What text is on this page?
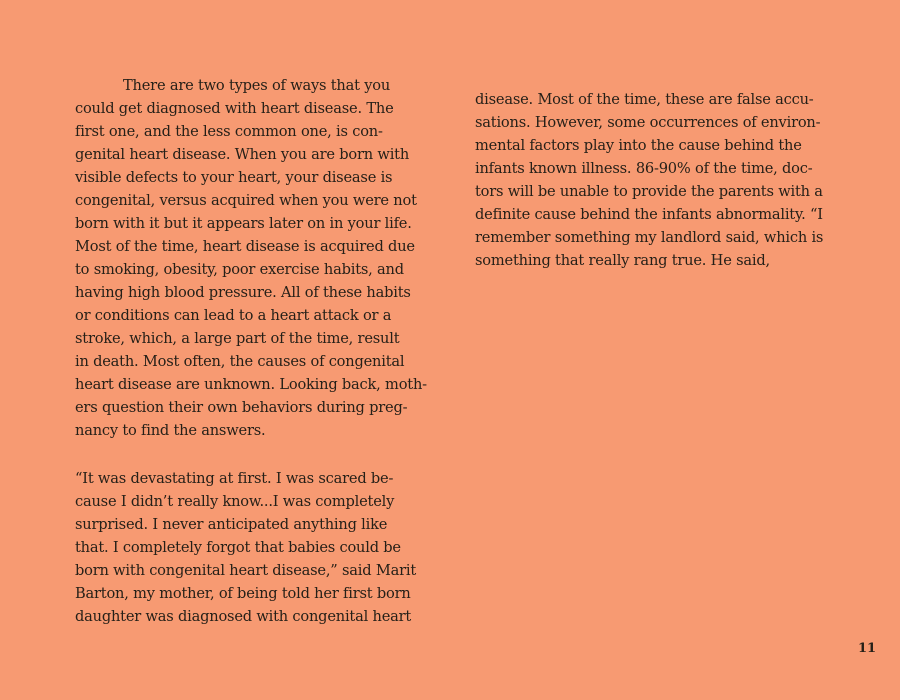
There are two types of ways that you
could get diagnosed with heart disease. The
first one, and the less common one, is con-
genital heart disease. When you are born with
visible defects to your heart, your disease is
congenital, versus acquired when you were not
born with it but it appears later on in your life.
Most of the time, heart disease is acquired due
to smoking, obesity, poor exercise habits, and
having high blood pressure. All of these habits
or conditions can lead to a heart attack or a
stroke, which, a large part of the time, result
in death. Most often, the causes of congenital
heart disease are unknown. Looking back, moth-
ers question their own behaviors during preg-
nancy to find the answers.
“It was devastating at first. I was scared be-
cause I didn’t really know...I was completely
surprised. I never anticipated anything like
that. I completely forgot that babies could be
born with congenital heart disease,” said Marit
Barton, my mother, of being told her first born
daughter was diagnosed with congenital heart
disease. Most of the time, these are false accu-
sations. However, some occurrences of environ-
mental factors play into the cause behind the
infants known illness. 86-90% of the time, doc-
tors will be unable to provide the parents with a
definite cause behind the infants abnormality. “I
remember something my landlord said, which is
something that really rang true. He said,
11
